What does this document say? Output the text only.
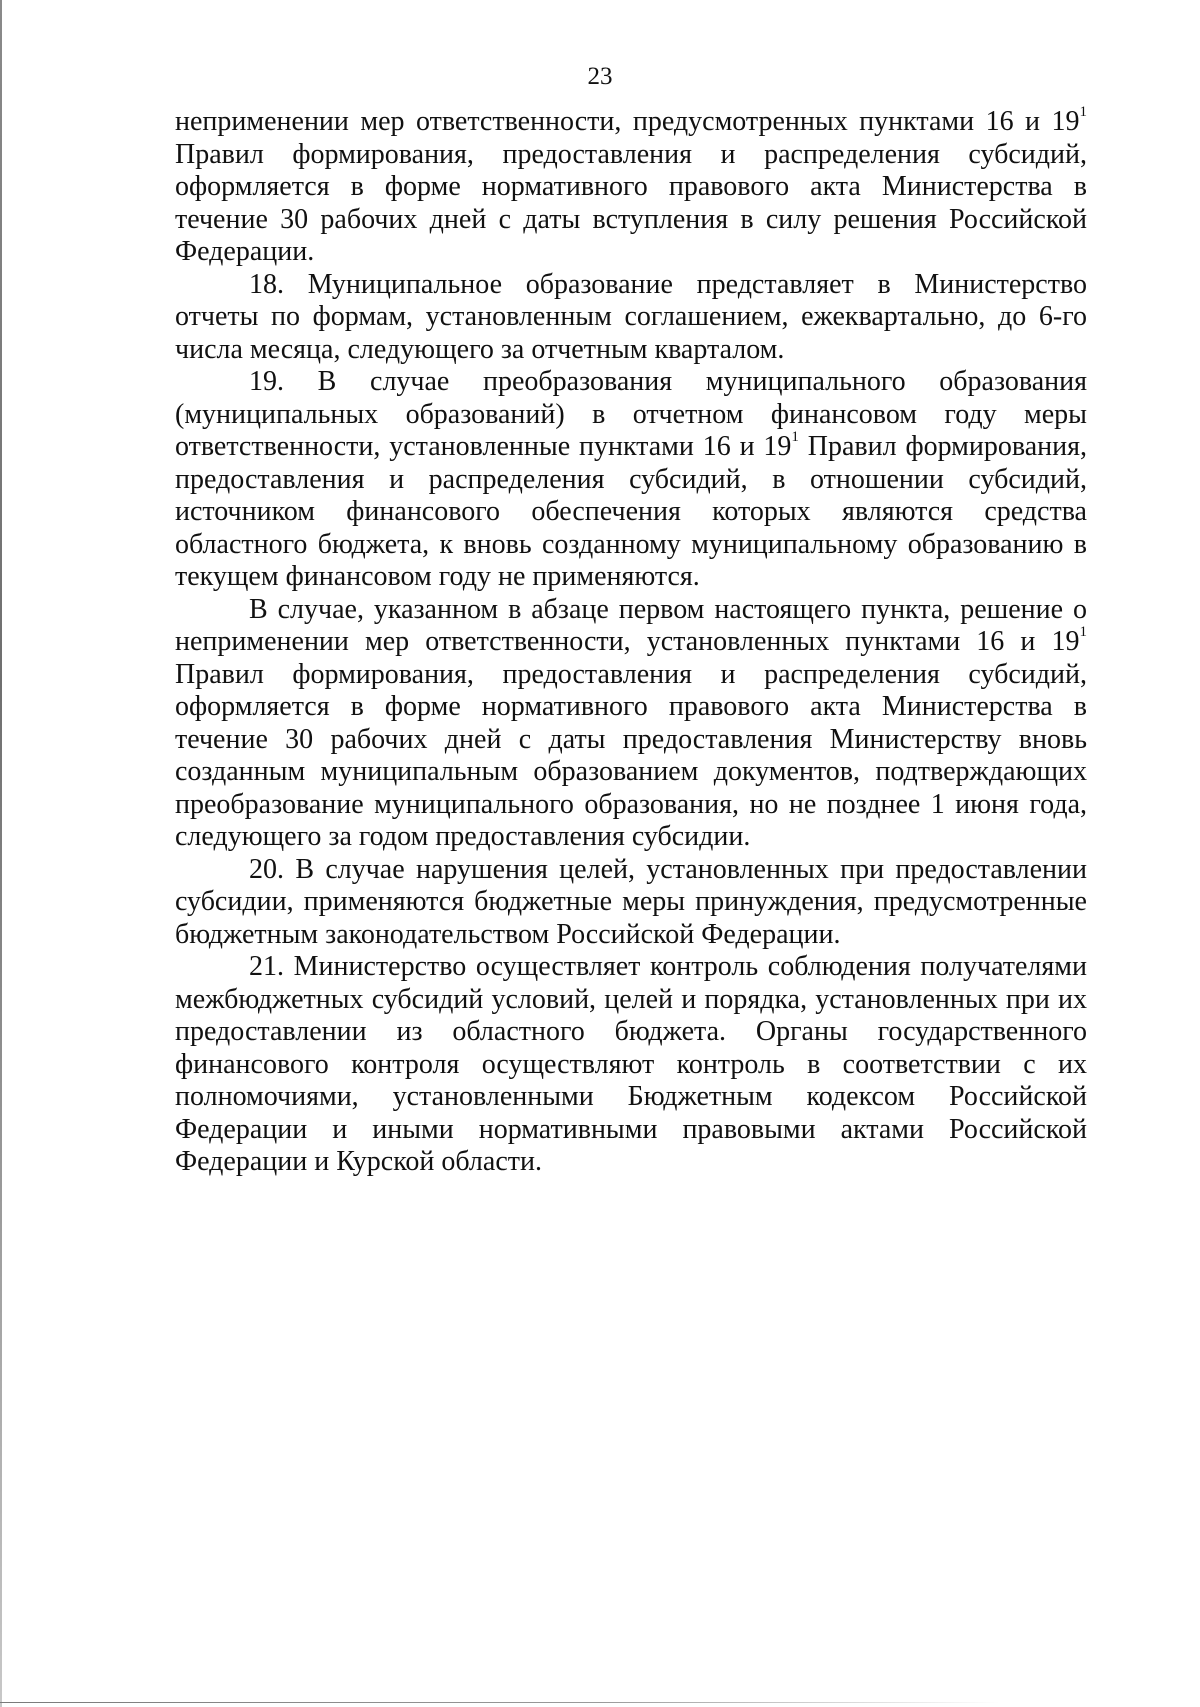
23

неприменении мер ответственности, предусмотренных пунктами 16 и $19^1$ Правил формирования, предоставления и распределения субсидий, оформляется в форме нормативного правового акта Министерства в течение 30 рабочих дней с даты вступления в силу решения Российской Федерации.

18. Муниципальное образование представляет в Министерство отчеты по формам, установленным соглашением, ежеквартально, до 6-го числа месяца, следующего за отчетным кварталом.

19. В случае преобразования муниципального образования (муниципальных образований) в отчетном финансовом году меры ответственности, установленные пунктами 16 и $19^1$ Правил формирования, предоставления и распределения субсидий, в отношении субсидий, источником финансового обеспечения которых являются средства областного бюджета, к вновь созданному муниципальному образованию в текущем финансовом году не применяются.

В случае, указанном в абзаце первом настоящего пункта, решение о неприменении мер ответственности, установленных пунктами 16 и $19^1$ Правил формирования, предоставления и распределения субсидий, оформляется в форме нормативного правового акта Министерства в течение 30 рабочих дней с даты предоставления Министерству вновь созданным муниципальным образованием документов, подтверждающих преобразование муниципального образования, но не позднее 1 июня года, следующего за годом предоставления субсидии.

20. В случае нарушения целей, установленных при предоставлении субсидии, применяются бюджетные меры принуждения, предусмотренные бюджетным законодательством Российской Федерации.

21. Министерство осуществляет контроль соблюдения получателями межбюджетных субсидий условий, целей и порядка, установленных при их предоставлении из областного бюджета. Органы государственного финансового контроля осуществляют контроль в соответствии с их полномочиями, установленными Бюджетным кодексом Российской Федерации и иными нормативными правовыми актами Российской Федерации и Курской области.
